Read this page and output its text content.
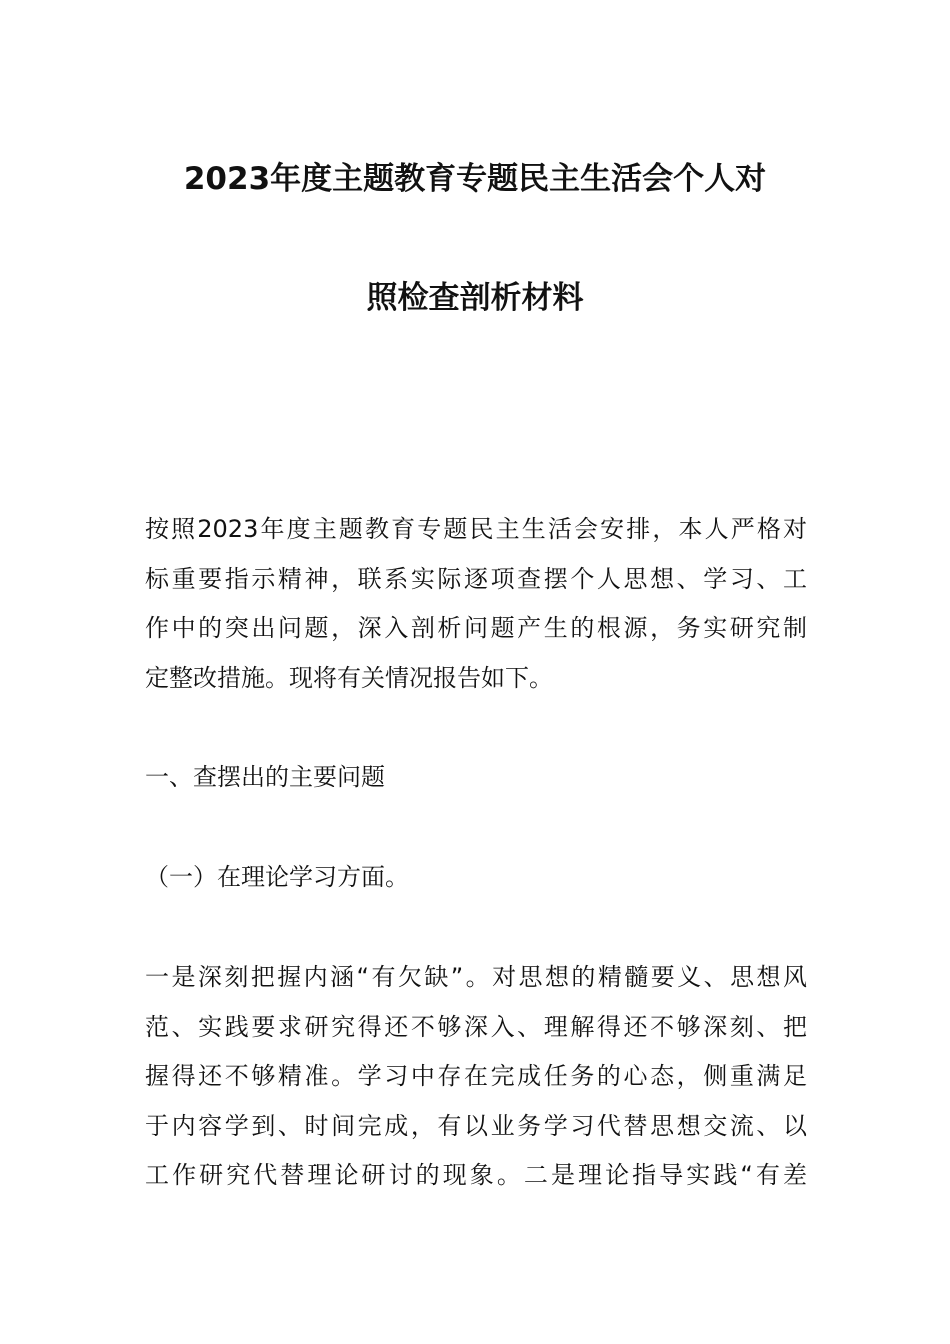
2023年度主题教育专题民主生活会个人对
照检查剖析材料
按照2023年度主题教育专题民主生活会安排，本人严格对
标重要指示精神，联系实际逐项查摆个人思想、学习、工
作中的突出问题，深入剖析问题产生的根源，务实研究制
定整改措施。现将有关情况报告如下。
一、查摆出的主要问题
（一）在理论学习方面。
一是深刻把握内涵“有欠缺”。对思想的精髓要义、思想风
范、实践要求研究得还不够深入、理解得还不够深刻、把
握得还不够精准。学习中存在完成任务的心态，侧重满足
于内容学到、时间完成，有以业务学习代替思想交流、以
工作研究代替理论研讨的现象。二是理论指导实践“有差
